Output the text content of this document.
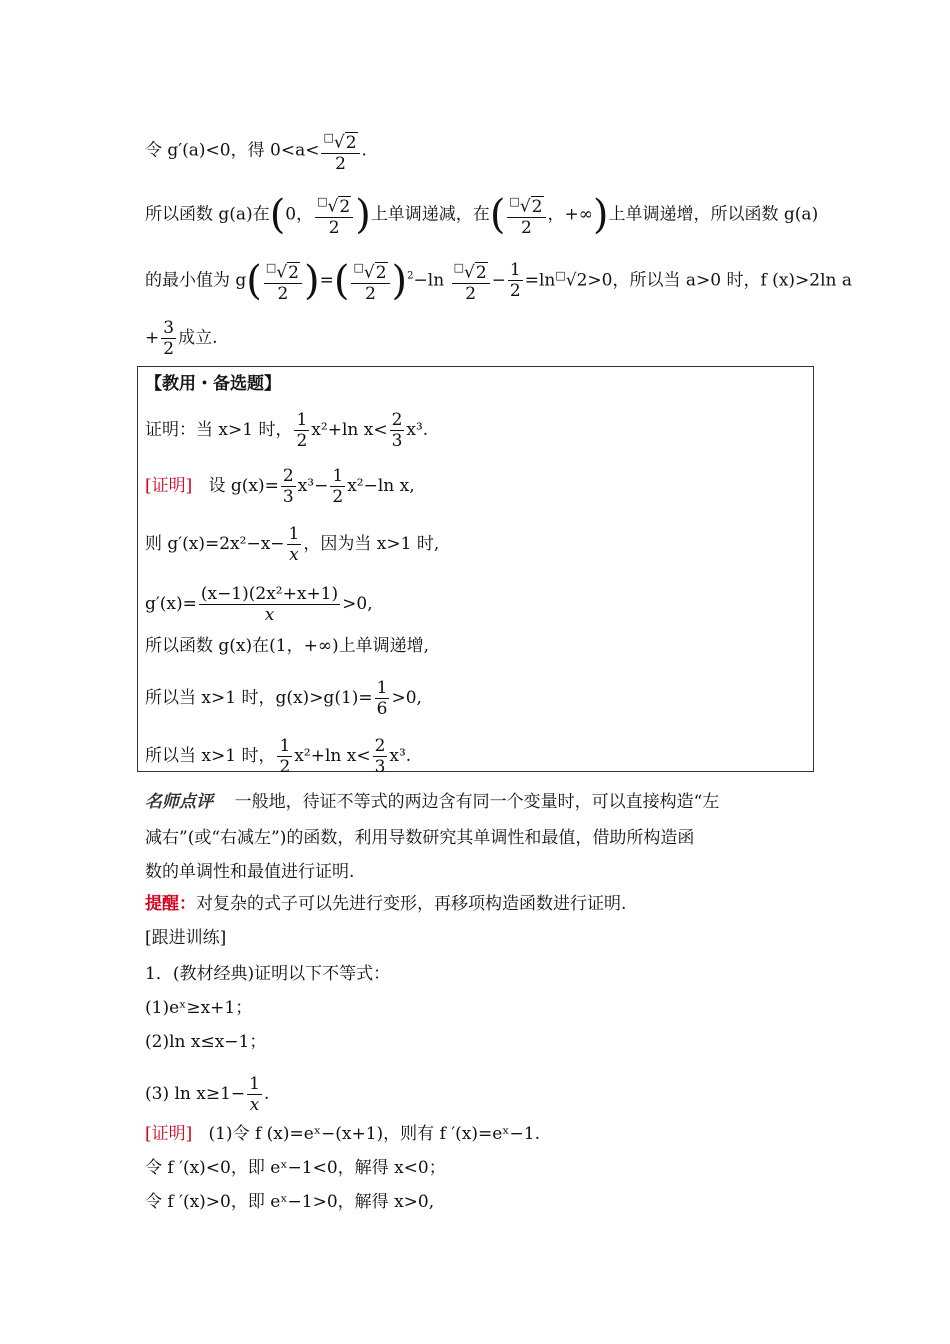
令 g′(a)<0，得 $0<a< \frac{^□√2}{2}$ .
所以函数 g(a)在(0， $\frac{^□√2}{2}$ )上单调递减，在( $\frac{^□√2}{2}$ ，+∞)上单调递增，所以函数 g(a)
的最小值为 $g( \frac{^□√2}{2}$ )=( $\frac{^□√2}{2} )^2-\ln \frac{^□√2}{2} - \frac{1}{2} =\ln^□√2>0$，所以当 a>0 时，f (x)>2ln a
+ $\frac{3}{2}$ 成立.
【教用・备选题】
证明：当 x>1 时， $\frac{1}{2} x^2+\ln$ $x< \frac{2}{3} x^3$.
[证明] 设 $g(x)= \frac{2}{3} x^3- \frac{1}{2} x^2-\ln$ x,
则 $g'(x)=2x^2-x- \frac{1}{x}$ ，因为当 x>1 时,
$g'(x)= \frac{\text{(x−1)(2x²+x+1)}}{x} >0$,
所以函数 g(x)在(1，+∞)上单调递增,
所以当 x>1 时，$g(x)>g(1)= \frac{1}{6} >0$,
所以当 x>1 时， $\frac{1}{2} x^2+\ln$ $x< \frac{2}{3} x^3$.
名师点评 一般地，待证不等式的两边含有同一个变量时，可以直接构造“左
减右”(或“右减左”)的函数，利用导数研究其单调性和最值，借助所构造函
数的单调性和最值进行证明.
提醒：对复杂的式子可以先进行变形，再移项构造函数进行证明.
[跟进训练]
1．(教材经典)证明以下不等式：
(1)eˣ≥x+1；
(2)ln x≤x−1；
(3) $\ln x\ge 1- \frac{1}{x}$ .
[证明] (1)令 f (x)=eˣ−(x+1)，则有 f ′(x)=eˣ−1.
令 f ′(x)<0，即 eˣ−1<0，解得 x<0；
令 f ′(x)>0，即 eˣ−1>0，解得 x>0,
